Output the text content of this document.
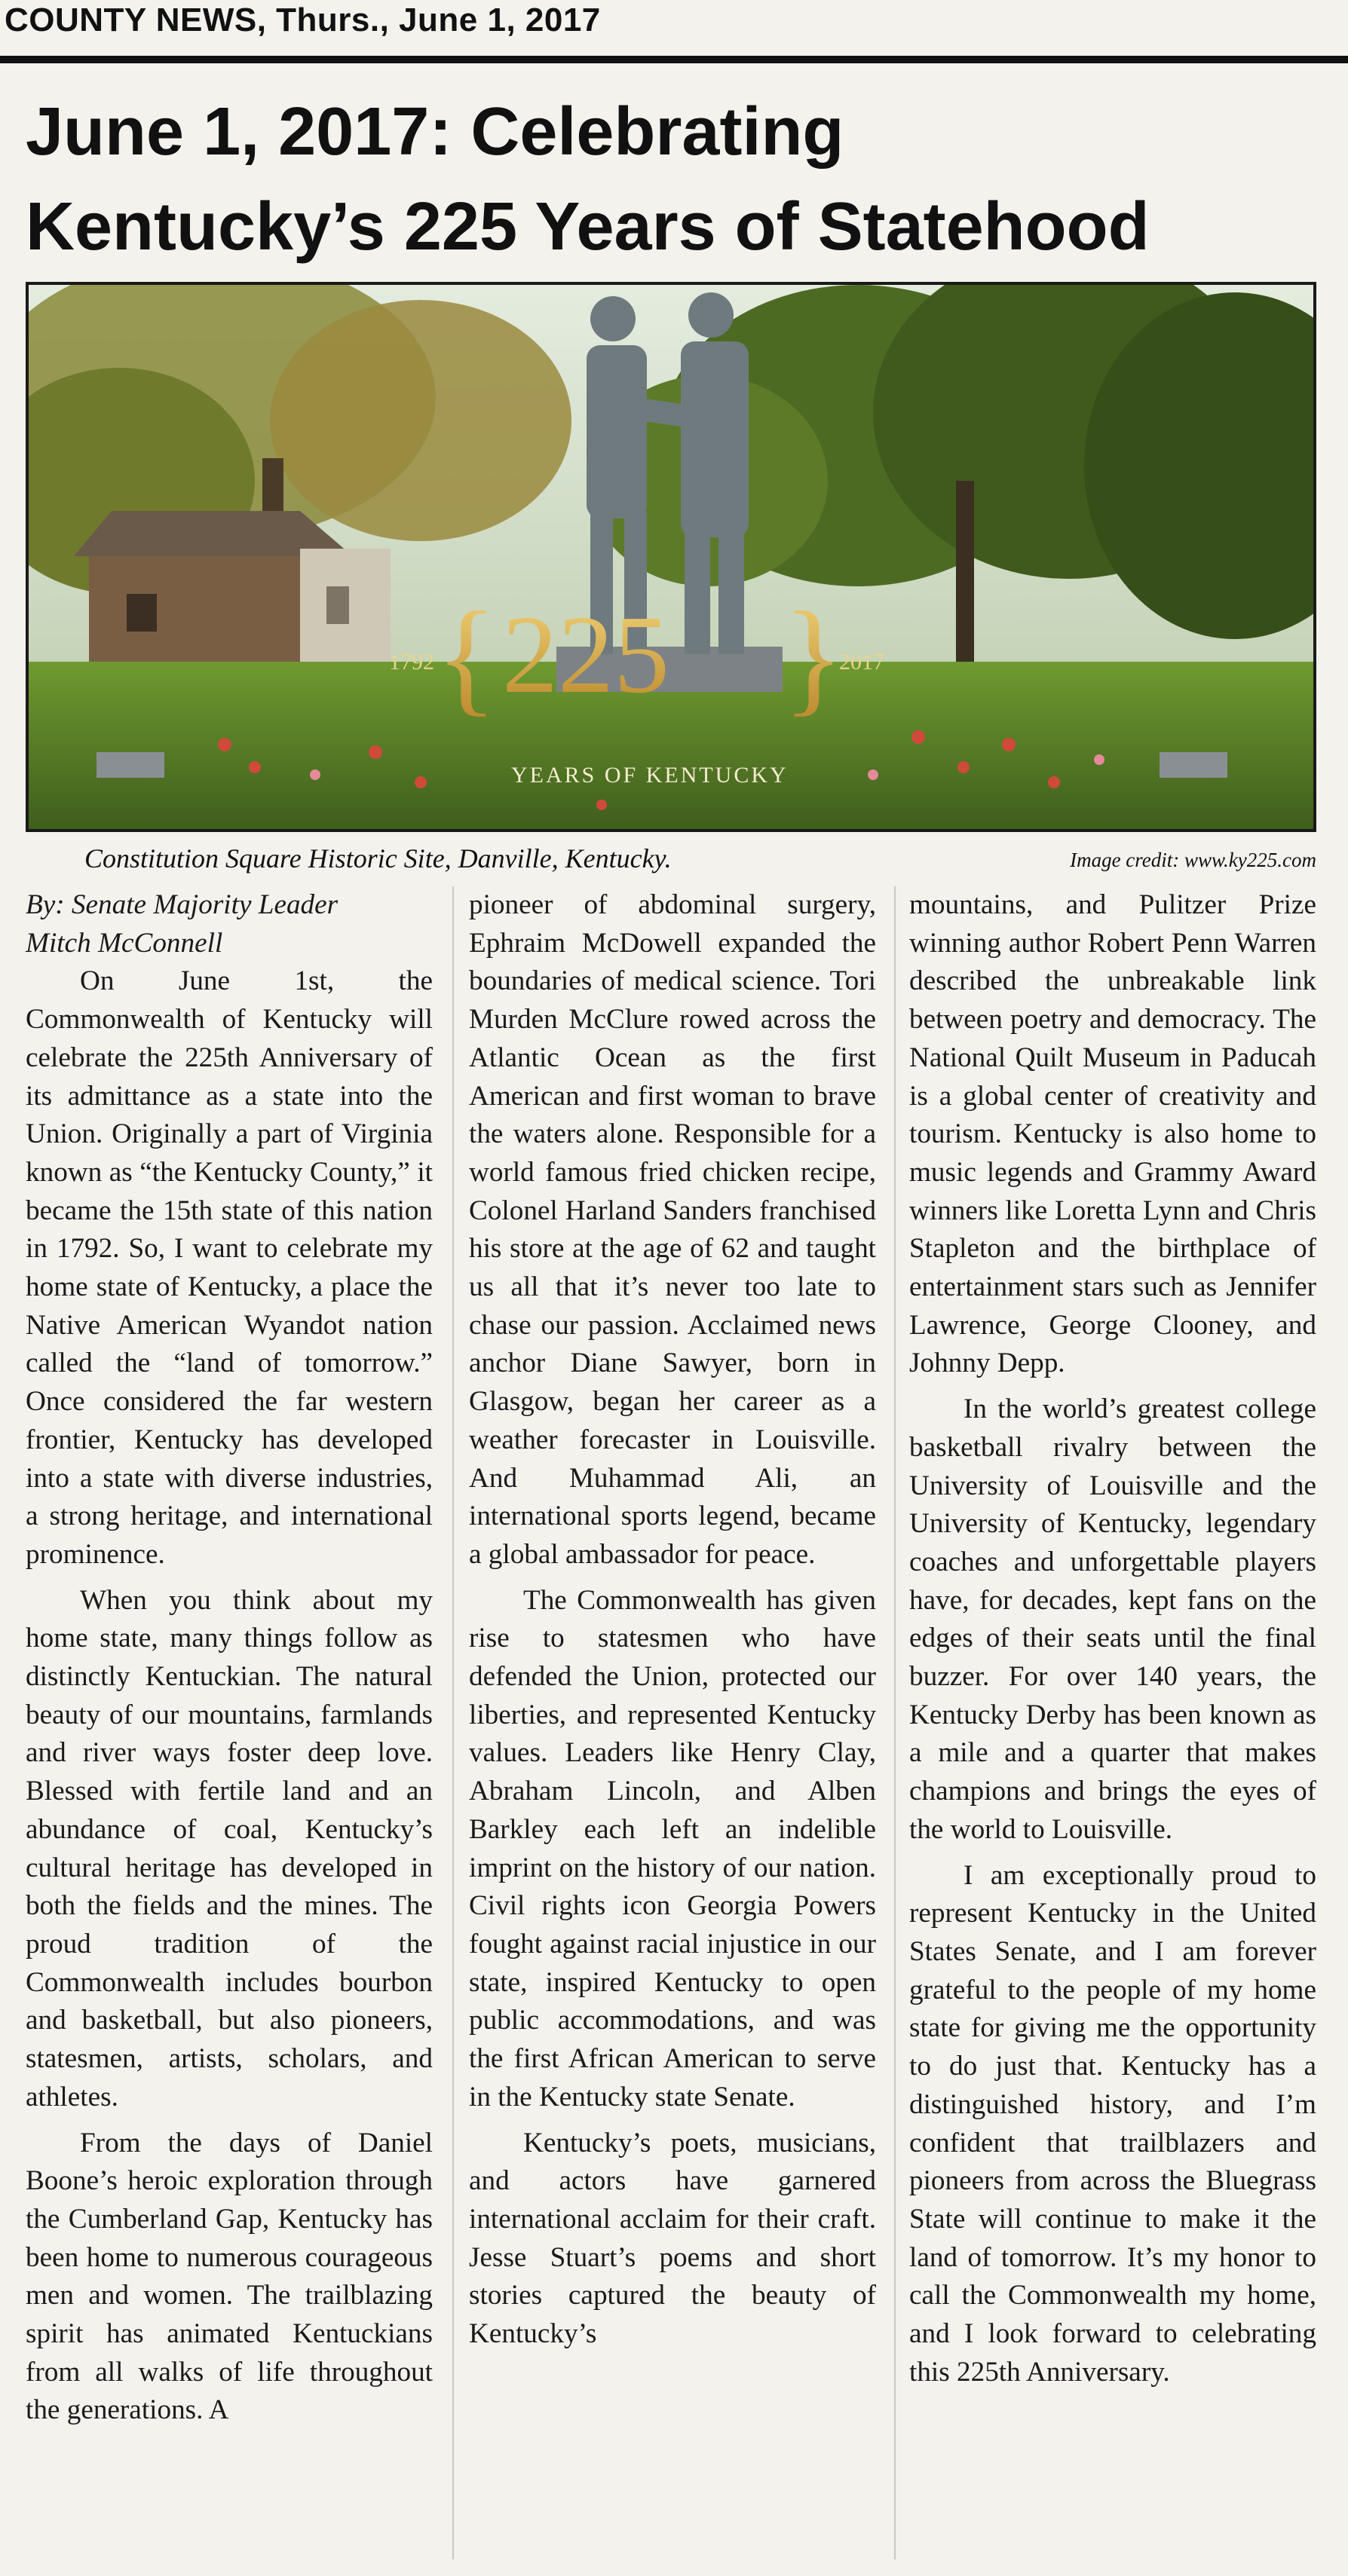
COUNTY NEWS, Thurs., June 1, 2017
June 1, 2017: Celebrating
Kentucky’s 225 Years of Statehood
{ 225 }
1792	2017
YEARS OF KENTUCKY
Constitution Square Historic Site, Danville, Kentucky.	Image credit: www.ky225.com

By: Senate Majority Leader
Mitch McConnell

On June 1st, the Commonwealth of Kentucky will celebrate the 225th Anniversary of its admittance as a state into the Union. Originally a part of Virginia known as “the Kentucky County,” it became the 15th state of this nation in 1792. So, I want to celebrate my home state of Kentucky, a place the Native American Wyandot nation called the “land of tomorrow.” Once considered the far western frontier, Kentucky has developed into a state with diverse industries, a strong heritage, and international prominence.

When you think about my home state, many things follow as distinctly Kentuckian. The natural beauty of our mountains, farmlands and river ways foster deep love. Blessed with fertile land and an abundance of coal, Kentucky’s cultural heritage has developed in both the fields and the mines. The proud tradition of the Commonwealth includes bourbon and basketball, but also pioneers, statesmen, artists, scholars, and athletes.

From the days of Daniel Boone’s heroic exploration through the Cumberland Gap, Kentucky has been home to numerous courageous men and women. The trailblazing spirit has animated Kentuckians from all walks of life throughout the generations. A

pioneer of abdominal surgery, Ephraim McDowell expanded the boundaries of medical science. Tori Murden McClure rowed across the Atlantic Ocean as the first American and first woman to brave the waters alone. Responsible for a world famous fried chicken recipe, Colonel Harland Sanders franchised his store at the age of 62 and taught us all that it’s never too late to chase our passion. Acclaimed news anchor Diane Sawyer, born in Glasgow, began her career as a weather forecaster in Louisville. And Muhammad Ali, an international sports legend, became a global ambassador for peace.

The Commonwealth has given rise to statesmen who have defended the Union, protected our liberties, and represented Kentucky values. Leaders like Henry Clay, Abraham Lincoln, and Alben Barkley each left an indelible imprint on the history of our nation. Civil rights icon Georgia Powers fought against racial injustice in our state, inspired Kentucky to open public accommodations, and was the first African American to serve in the Kentucky state Senate.

Kentucky’s poets, musicians, and actors have garnered international acclaim for their craft. Jesse Stuart’s poems and short stories captured the beauty of Kentucky’s

mountains, and Pulitzer Prize winning author Robert Penn Warren described the unbreakable link between poetry and democracy. The National Quilt Museum in Paducah is a global center of creativity and tourism. Kentucky is also home to music legends and Grammy Award winners like Loretta Lynn and Chris Stapleton and the birthplace of entertainment stars such as Jennifer Lawrence, George Clooney, and Johnny Depp.

In the world’s greatest college basketball rivalry between the University of Louisville and the University of Kentucky, legendary coaches and unforgettable players have, for decades, kept fans on the edges of their seats until the final buzzer. For over 140 years, the Kentucky Derby has been known as a mile and a quarter that makes champions and brings the eyes of the world to Louisville.

I am exceptionally proud to represent Kentucky in the United States Senate, and I am forever grateful to the people of my home state for giving me the opportunity to do just that. Kentucky has a distinguished history, and I’m confident that trailblazers and pioneers from across the Bluegrass State will continue to make it the land of tomorrow. It’s my honor to call the Commonwealth my home, and I look forward to celebrating this 225th Anniversary.
